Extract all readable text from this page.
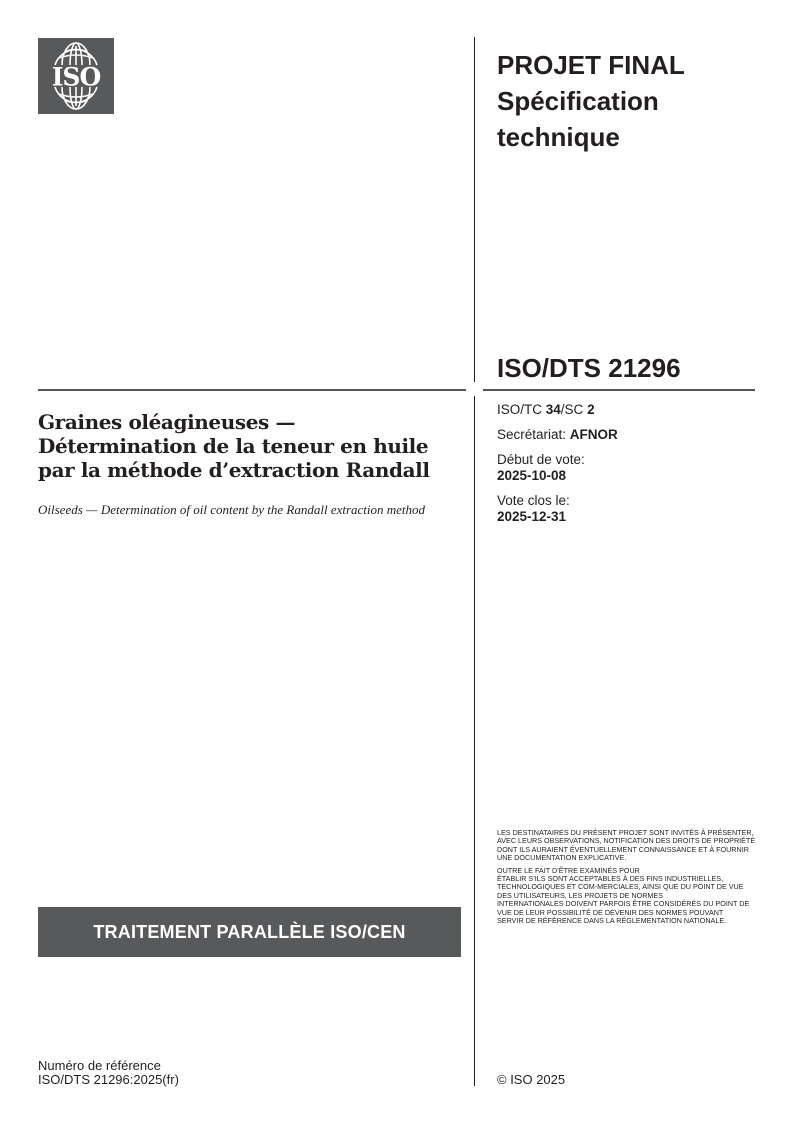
ISO	PROJET FINAL
Spécification
technique
ISO/DTS 21296
ISO/TC 34/SC 2
Secrétariat: AFNOR
Début de vote:
2025-10-08
Vote clos le:
2025-12-31
Graines oléagineuses —
Détermination de la teneur en huile
par la méthode d’extraction Randall
Oilseeds — Determination of oil content by the Randall extraction method

LES DESTINATAIRES DU PRÉSENT PROJET SONT INVITÉS À PRÉSENTER, AVEC LEURS OBSERVATIONS, NOTIFICATION DES DROITS DE PROPRIÉTÉ DONT ILS AURAIENT ÉVENTUELLEMENT CONNAISSANCE ET À FOURNIR UNE DOCUMENTATION EXPLICATIVE.

OUTRE LE FAIT D’ÊTRE EXAMINÉS POUR
ÉTABLIR S’ILS SONT ACCEPTABLES À DES FINS INDUSTRIELLES, TECHNOLOGIQUES ET COM-MERCIALES, AINSI QUE DU POINT DE VUE DES UTILISATEURS, LES PROJETS DE NORMES
INTERNATIONALES DOIVENT PARFOIS ÊTRE CONSIDÉRÉS DU POINT DE VUE DE LEUR POSSIBILITÉ DE DEVENIR DES NORMES POUVANT
SERVIR DE RÉFÉRENCE DANS LA RÉGLEMENTATION NATIONALE.

TRAITEMENT PARALLÈLE ISO/CEN
Numéro de référence
ISO/DTS 21296:2025(fr)	© ISO 2025
